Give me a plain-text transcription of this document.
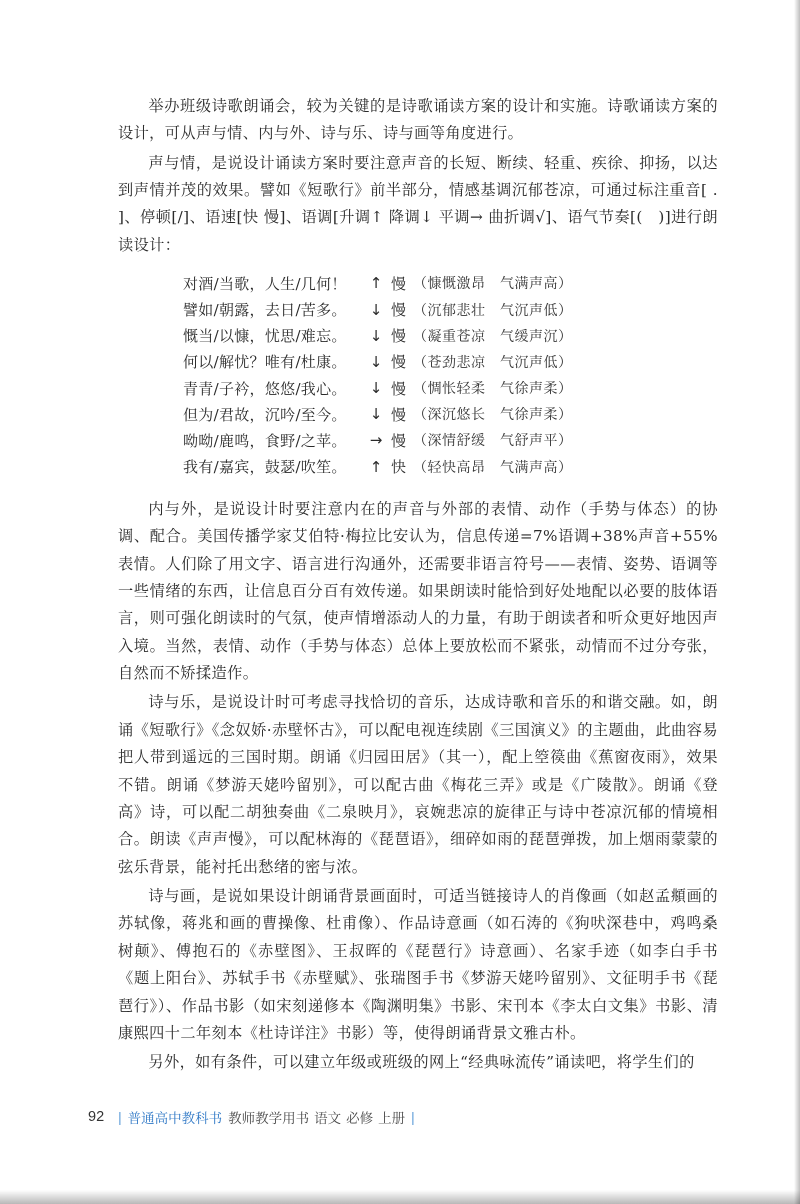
举办班级诗歌朗诵会，较为关键的是诗歌诵读方案的设计和实施。诗歌诵读方案的设计，可从声与情、内与外、诗与乐、诗与画等角度进行。

声与情，是说设计诵读方案时要注意声音的长短、断续、轻重、疾徐、抑扬，以达到声情并茂的效果。譬如《短歌行》前半部分，情感基调沉郁苍凉，可通过标注重音[ . ]、停顿[/]、语速[快 慢]、语调[升调↑ 降调↓ 平调→ 曲折调√]、语气节奏[(　)]进行朗读设计：

对酒/当歌，人生/几何！	↑ 慢 （慷慨激昂　气满声高）
譬如/朝露，去日/苦多。	↓ 慢 （沉郁悲壮　气沉声低）
慨当/以慷，忧思/难忘。	↓ 慢 （凝重苍凉　气缓声沉）
何以/解忧？唯有/杜康。	↓ 慢 （苍劲悲凉　气沉声低）
青青/子衿，悠悠/我心。	↓ 慢 （惆怅轻柔　气徐声柔）
但为/君故，沉吟/至今。	↓ 慢 （深沉悠长　气徐声柔）
呦呦/鹿鸣，食野/之苹。	→ 慢 （深情舒缓　气舒声平）
我有/嘉宾，鼓瑟/吹笙。	↑ 快 （轻快高昂　气满声高）

内与外，是说设计时要注意内在的声音与外部的表情、动作（手势与体态）的协调、配合。美国传播学家艾伯特·梅拉比安认为，信息传递=7%语调+38%声音+55%表情。人们除了用文字、语言进行沟通外，还需要非语言符号——表情、姿势、语调等一些情绪的东西，让信息百分百有效传递。如果朗读时能恰到好处地配以必要的肢体语言，则可强化朗读时的气氛，使声情增添动人的力量，有助于朗读者和听众更好地因声入境。当然，表情、动作（手势与体态）总体上要放松而不紧张，动情而不过分夸张，自然而不矫揉造作。

诗与乐，是说设计时可考虑寻找恰切的音乐，达成诗歌和音乐的和谐交融。如，朗诵《短歌行》《念奴娇·赤壁怀古》，可以配电视连续剧《三国演义》的主题曲，此曲容易把人带到遥远的三国时期。朗诵《归园田居》（其一），配上箜篌曲《蕉窗夜雨》，效果不错。朗诵《梦游天姥吟留别》，可以配古曲《梅花三弄》或是《广陵散》。朗诵《登高》诗，可以配二胡独奏曲《二泉映月》，哀婉悲凉的旋律正与诗中苍凉沉郁的情境相合。朗读《声声慢》，可以配林海的《琵琶语》，细碎如雨的琵琶弹拨，加上烟雨蒙蒙的弦乐背景，能衬托出愁绪的密与浓。

诗与画，是说如果设计朗诵背景画面时，可适当链接诗人的肖像画（如赵孟頫画的苏轼像，蒋兆和画的曹操像、杜甫像）、作品诗意画（如石涛的《狗吠深巷中，鸡鸣桑树颠》、傅抱石的《赤壁图》、王叔晖的《琵琶行》诗意画）、名家手迹（如李白手书《题上阳台》、苏轼手书《赤壁赋》、张瑞图手书《梦游天姥吟留别》、文征明手书《琵琶行》）、作品书影（如宋刻递修本《陶渊明集》书影、宋刊本《李太白文集》书影、清康熙四十二年刻本《杜诗详注》书影）等，使得朗诵背景文雅古朴。

另外，如有条件，可以建立年级或班级的网上“经典咏流传”诵读吧，将学生们的

92 | 普通高中教科书 教师教学用书 语文 必修 上册 |
